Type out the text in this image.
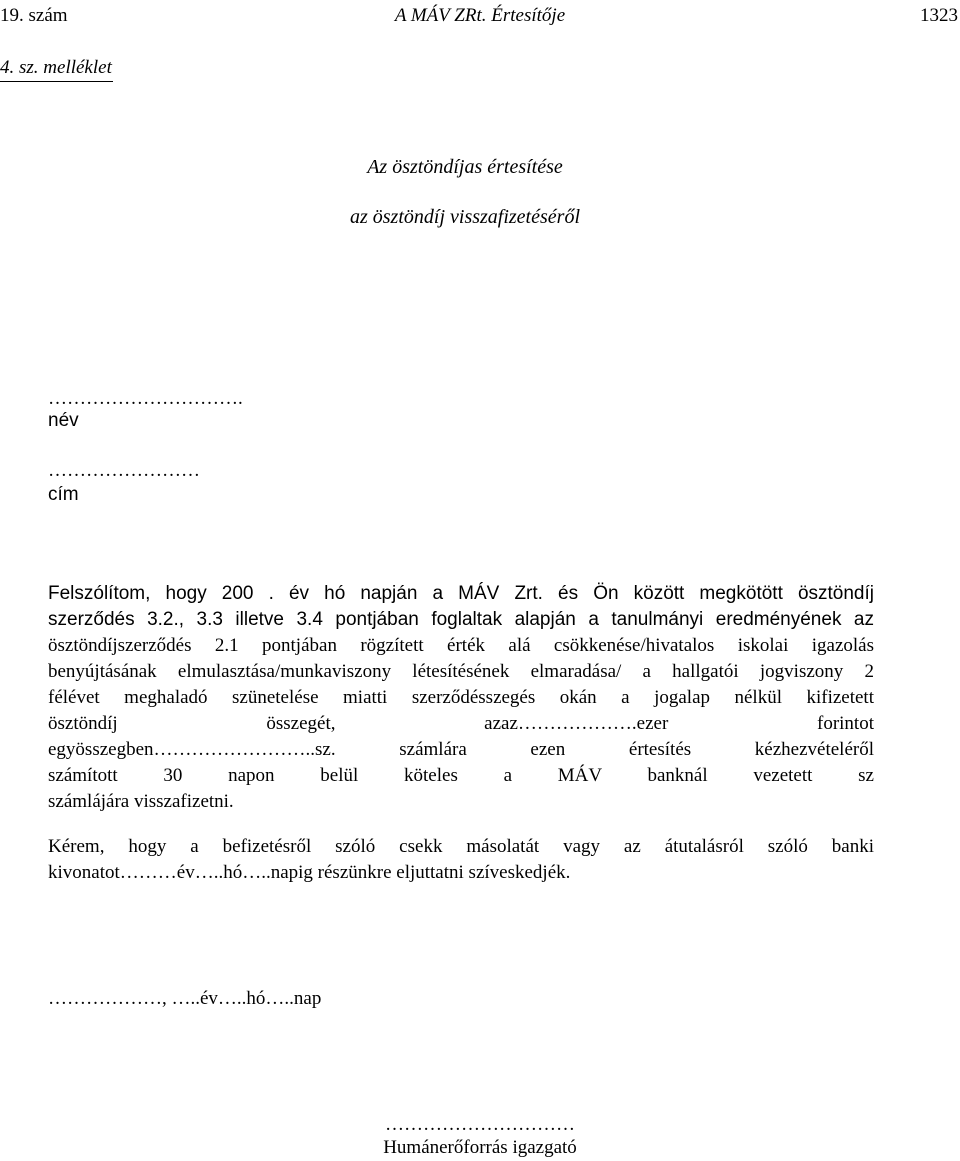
19. szám	A MÁV ZRt. Értesítője	1323
4. sz. melléklet
Az ösztöndíjas értesítése
az ösztöndíj visszafizetéséről
………………………….
név
……………………
cím
Felszólítom, hogy 200 . év hó napján a MÁV Zrt. és Ön között megkötött ösztöndíj
szerződés 3.2., 3.3 illetve 3.4 pontjában foglaltak alapján a tanulmányi eredményének az
ösztöndíjszerződés 2.1 pontjában rögzített érték alá csökkenése/hivatalos iskolai igazolás
benyújtásának elmulasztása/munkaviszony létesítésének elmaradása/ a hallgatói jogviszony 2
félévet meghaladó szünetelése miatti szerződésszegés okán a jogalap nélkül kifizetett
ösztöndíj összegét, azaz……………….ezer forintot
egyösszegben……………………..sz. számlára ezen értesítés kézhezvételéről
számított 30 napon belül köteles a MÁV banknál vezetett sz
számlájára visszafizetni.
Kérem, hogy a befizetésről szóló csekk másolatát vagy az átutalásról szóló banki
kivonatot………év…..hó…..napig részünkre eljuttatni szíveskedjék.
………………, …..év…..hó…..nap
…………………………
Humánerőforrás igazgató
